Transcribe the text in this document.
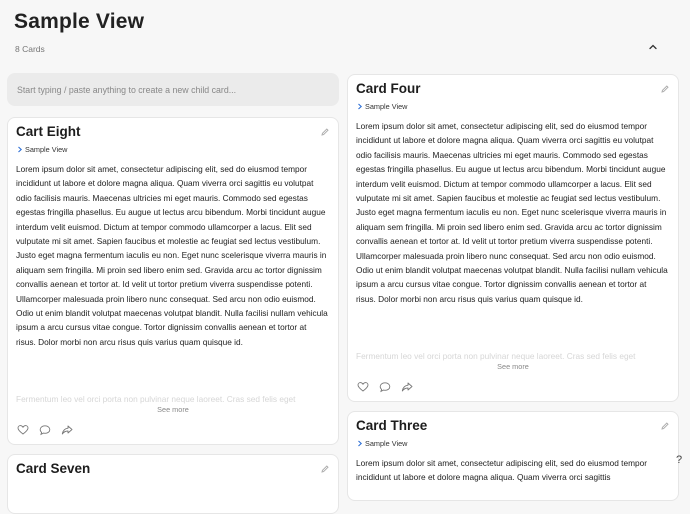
Sample View
8 Cards
Start typing / paste anything to create a new child card...
Cart Eight
Sample View
Lorem ipsum dolor sit amet, consectetur adipiscing elit, sed do eiusmod tempor incididunt ut labore et dolore magna aliqua. Quam viverra orci sagittis eu volutpat odio facilisis mauris. Maecenas ultricies mi eget mauris. Commodo sed egestas egestas fringilla phasellus. Eu augue ut lectus arcu bibendum. Morbi tincidunt augue interdum velit euismod. Dictum at tempor commodo ullamcorper a lacus. Elit sed vulputate mi sit amet. Sapien faucibus et molestie ac feugiat sed lectus vestibulum. Justo eget magna fermentum iaculis eu non. Eget nunc scelerisque viverra mauris in aliquam sem fringilla. Mi proin sed libero enim sed. Gravida arcu ac tortor dignissim convallis aenean et tortor at. Id velit ut tortor pretium viverra suspendisse potenti. Ullamcorper malesuada proin libero nunc consequat. Sed arcu non odio euismod. Odio ut enim blandit volutpat maecenas volutpat blandit. Nulla facilisi nullam vehicula ipsum a arcu cursus vitae congue. Tortor dignissim convallis aenean et tortor at risus. Dolor morbi non arcu risus quis varius quam quisque id.
Fermentum leo vel orci porta non pulvinar neque laoreet. Cras sed felis eget
See more
Card Seven
Card Four
Sample View
Lorem ipsum dolor sit amet, consectetur adipiscing elit, sed do eiusmod tempor incididunt ut labore et dolore magna aliqua. Quam viverra orci sagittis eu volutpat odio facilisis mauris. Maecenas ultricies mi eget mauris. Commodo sed egestas egestas fringilla phasellus. Eu augue ut lectus arcu bibendum. Morbi tincidunt augue interdum velit euismod. Dictum at tempor commodo ullamcorper a lacus. Elit sed vulputate mi sit amet. Sapien faucibus et molestie ac feugiat sed lectus vestibulum. Justo eget magna fermentum iaculis eu non. Eget nunc scelerisque viverra mauris in aliquam sem fringilla. Mi proin sed libero enim sed. Gravida arcu ac tortor dignissim convallis aenean et tortor at. Id velit ut tortor pretium viverra suspendisse potenti. Ullamcorper malesuada proin libero nunc consequat. Sed arcu non odio euismod. Odio ut enim blandit volutpat maecenas volutpat blandit. Nulla facilisi nullam vehicula ipsum a arcu cursus vitae congue. Tortor dignissim convallis aenean et tortor at risus. Dolor morbi non arcu risus quis varius quam quisque id.
Fermentum leo vel orci porta non pulvinar neque laoreet. Cras sed felis eget
See more
Card Three
Sample View
Lorem ipsum dolor sit amet, consectetur adipiscing elit, sed do eiusmod tempor incididunt ut labore et dolore magna aliqua. Quam viverra orci sagittis
?
